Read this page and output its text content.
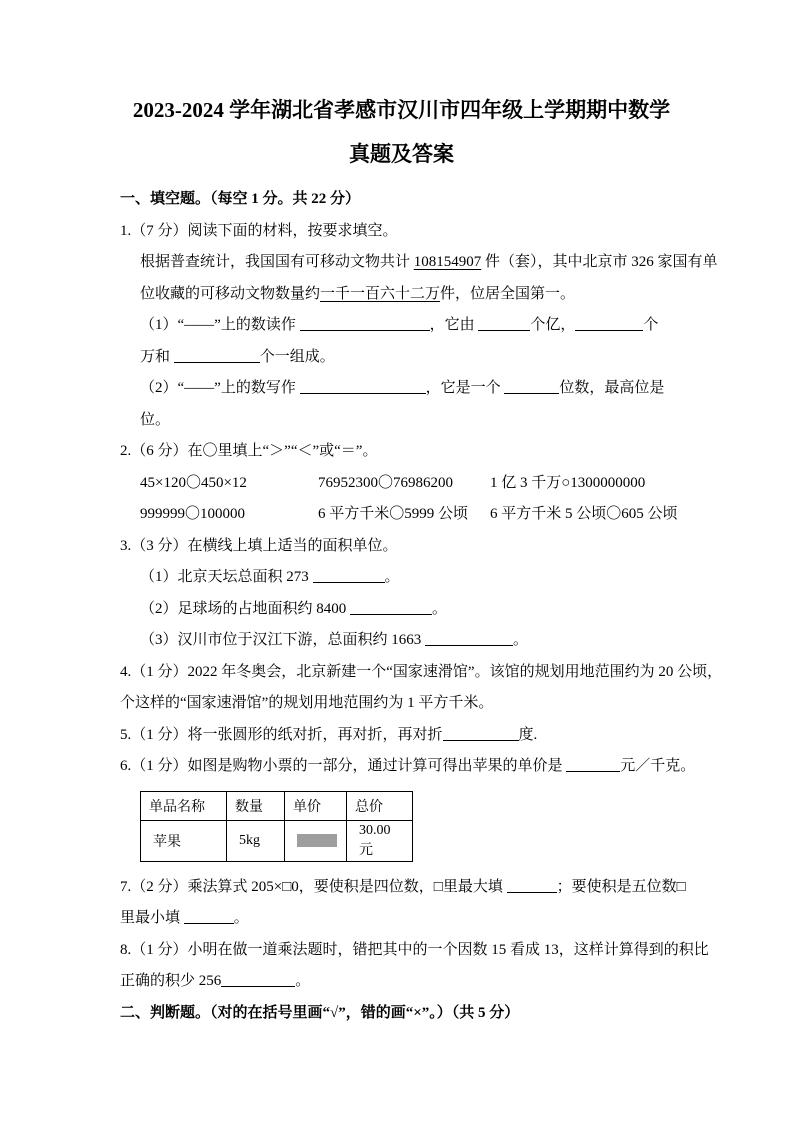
2023-2024 学年湖北省孝感市汉川市四年级上学期期中数学
真题及答案

一、填空题。（每空 1 分。共 22 分）

1.（7 分）阅读下面的材料，按要求填空。

根据普查统计，我国国有可移动文物共计 108154907 件（套），其中北京市 326 家国有单

位收藏的可移动文物数量约一千一百六十二万件，位居全国第一。

（1）“——”上的数读作	，它由	个亿，	个

万和	个一组成。

（2）“——”上的数写作	，它是一个	位数，最高位是

位。

2.（6 分）在〇里填上“＞”“＜”或“＝”。

45×120〇450×12	76952300〇76986200 1 亿 3 千万○1300000000

999999〇100000	6 平方千米〇5999 公顷 6 平方千米 5 公顷〇605 公顷

3.（3 分）在横线上填上适当的面积单位。

（1）北京天坛总面积 273	。

（2）足球场的占地面积约 8400	。

（3）汉川市位于汉江下游，总面积约 1663	。

4.（1 分）2022 年冬奥会，北京新建一个“国家速滑馆”。该馆的规划用地范围约为 20 公顷，

个这样的“国家速滑馆”的规划用地范围约为 1 平方千米。

5.（1 分）将一张圆形的纸对折，再对折，再对折	度.

6.（1 分）如图是购物小票的一部分，通过计算可得出苹果的单价是	元／千克。

单品名称	数量	单价	总价
苹果	5kg		30.00 元

7.（2 分）乘法算式 205×□0，要使积是四位数，□里最大填	；要使积是五位数□

里最小填	。

8.（1 分）小明在做一道乘法题时，错把其中的一个因数 15 看成 13，这样计算得到的积比

正确的积少 256	。

二、判断题。（对的在括号里画“√”，错的画“×”。）（共 5 分）
